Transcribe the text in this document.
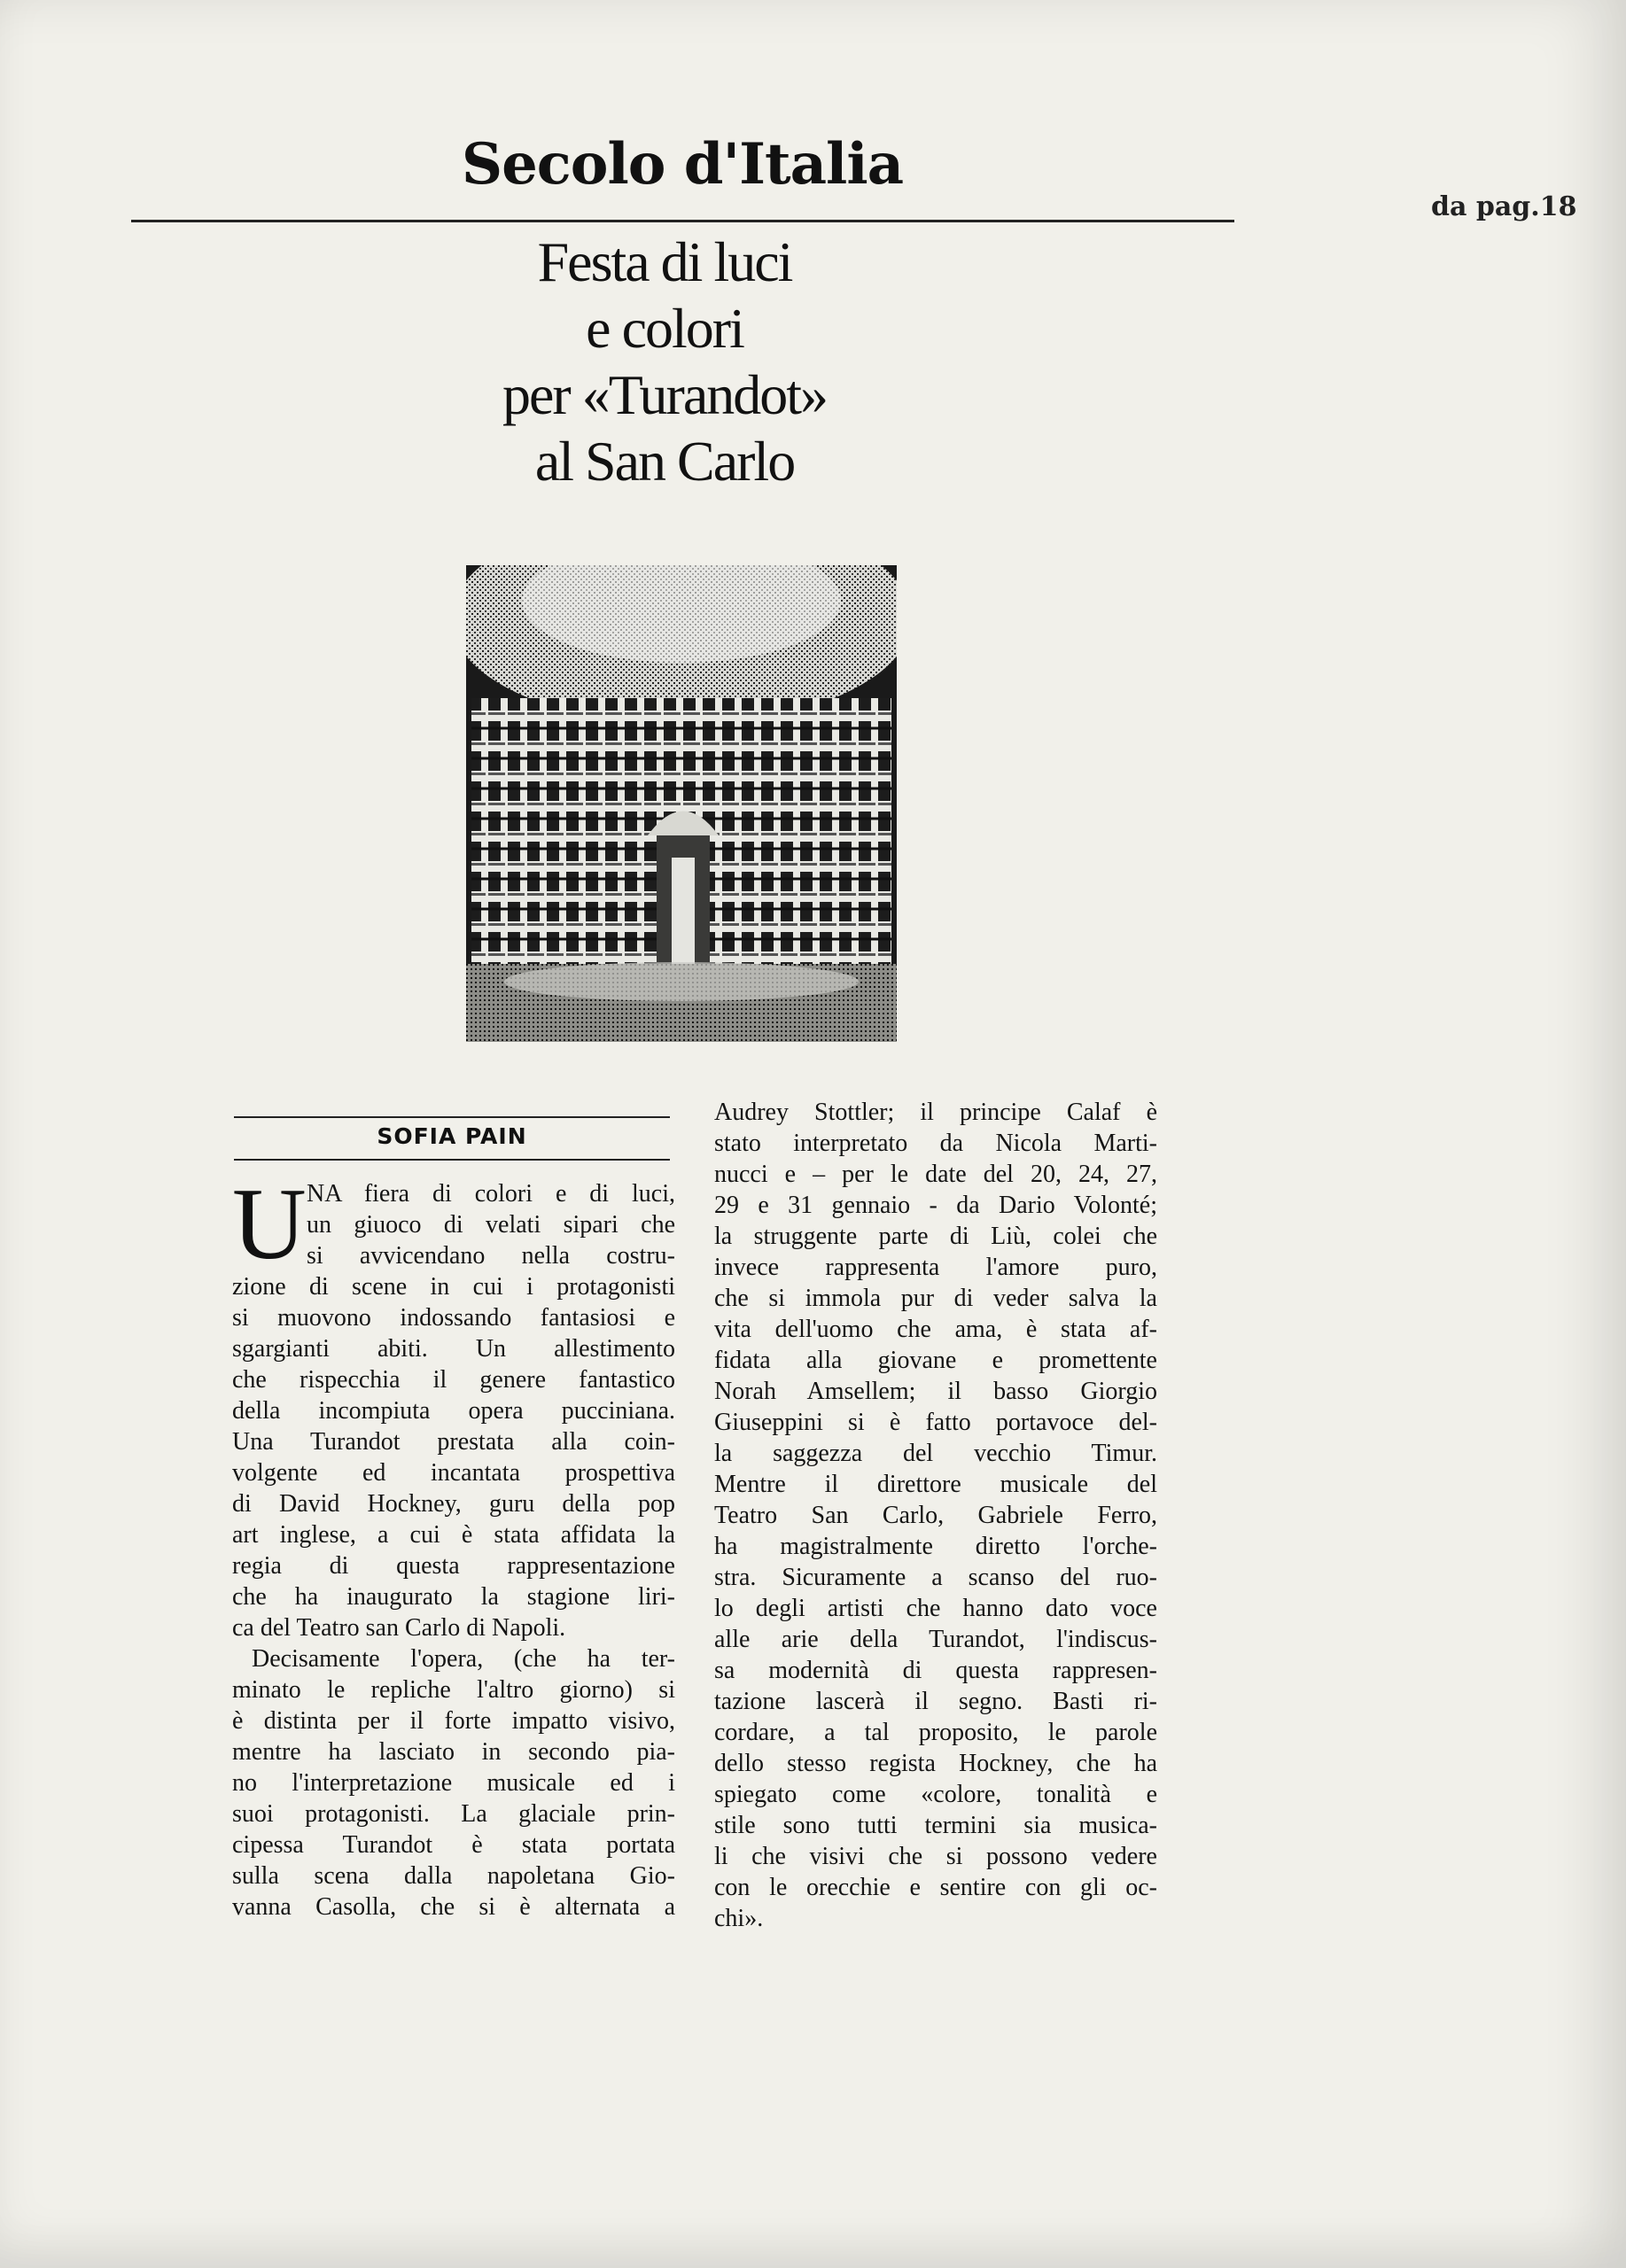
Secolo d'Italia
da pag.18
Festa di luci
e colori
per «Turandot»
al San Carlo
SOFIA PAIN
U NA fiera di colori e di luci,
un giuoco di velati sipari che
si avvicendano nella costru-
zione di scene in cui i protagonisti
si muovono indossando fantasiosi e
sgargianti abiti. Un allestimento
che rispecchia il genere fantastico
della incompiuta opera pucciniana.
Una Turandot prestata alla coin-
volgente ed incantata prospettiva
di David Hockney, guru della pop
art inglese, a cui è stata affidata la
regia di questa rappresentazione
che ha inaugurato la stagione liri-
ca del Teatro san Carlo di Napoli.
Decisamente l'opera, (che ha ter-
minato le repliche l'altro giorno) si
è distinta per il forte impatto visivo,
mentre ha lasciato in secondo pia-
no l'interpretazione musicale ed i
suoi protagonisti. La glaciale prin-
cipessa Turandot è stata portata
sulla scena dalla napoletana Gio-
vanna Casolla, che si è alternata a
Audrey Stottler; il principe Calaf è
stato interpretato da Nicola Marti-
nucci e – per le date del 20, 24, 27,
29 e 31 gennaio - da Dario Volonté;
la struggente parte di Liù, colei che
invece rappresenta l'amore puro,
che si immola pur di veder salva la
vita dell'uomo che ama, è stata af-
fidata alla giovane e promettente
Norah Amsellem; il basso Giorgio
Giuseppini si è fatto portavoce del-
la saggezza del vecchio Timur.
Mentre il direttore musicale del
Teatro San Carlo, Gabriele Ferro,
ha magistralmente diretto l'orche-
stra. Sicuramente a scanso del ruo-
lo degli artisti che hanno dato voce
alle arie della Turandot, l'indiscus-
sa modernità di questa rappresen-
tazione lascerà il segno. Basti ri-
cordare, a tal proposito, le parole
dello stesso regista Hockney, che ha
spiegato come «colore, tonalità e
stile sono tutti termini sia musica-
li che visivi che si possono vedere
con le orecchie e sentire con gli oc-
chi».
